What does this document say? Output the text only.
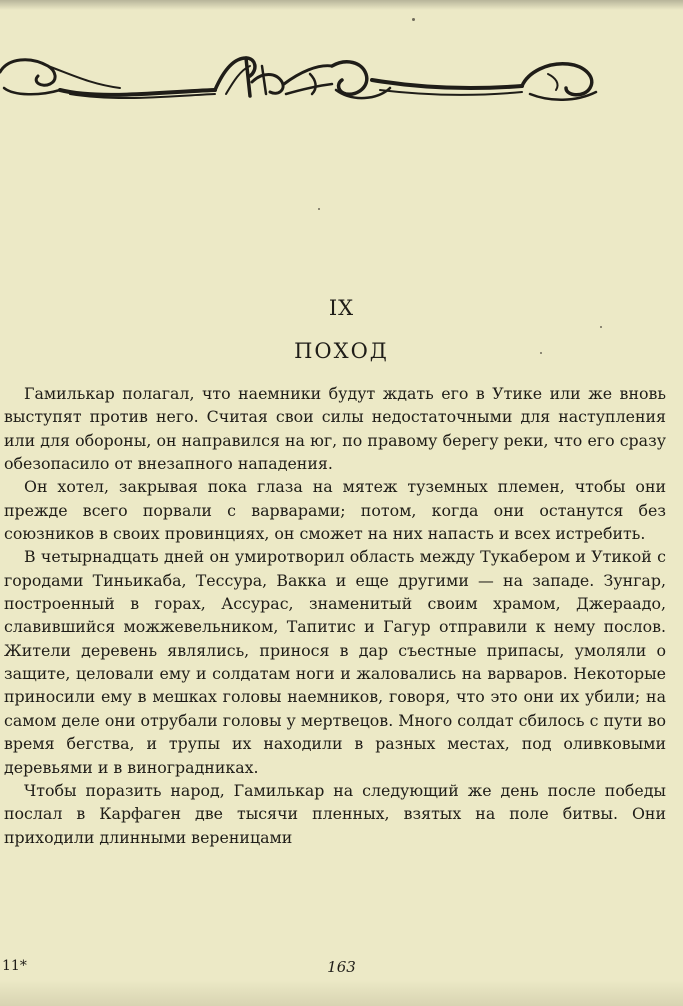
IX
ПОХОД

Гамилькар полагал, что наемники будут ждать его в Утике или же вновь выступят против него. Считая свои силы недостаточными для наступления или для обороны, он направился на юг, по правому берегу реки, что его сразу обезопасило от внезапного нападения.

Он хотел, закрывая пока глаза на мятеж туземных племен, чтобы они прежде всего порвали с варварами; потом, когда они останутся без союзников в своих провинциях, он сможет на них напасть и всех истребить.

В четырнадцать дней он умиротворил область между Тукабером и Утикой с городами Тиньикаба, Тессура, Вакка и еще другими — на западе. Зунгар, построенный в горах, Ассурас, знаменитый своим храмом, Джераадо, славившийся можжевельником, Тапитис и Гагур отправили к нему послов. Жители деревень являлись, принося в дар съестные припасы, умоляли о защите, целовали ему и солдатам ноги и жаловались на варваров. Некоторые приносили ему в мешках головы наемников, говоря, что это они их убили; на самом деле они отрубали головы у мертвецов. Много солдат сбилось с пути во время бегства, и трупы их находили в разных местах, под оливковыми деревьями и в виноградниках.

Чтобы поразить народ, Гамилькар на следующий же день после победы послал в Карфаген две тысячи пленных, взятых на поле битвы. Они приходили длинными вереницами

11*	163
